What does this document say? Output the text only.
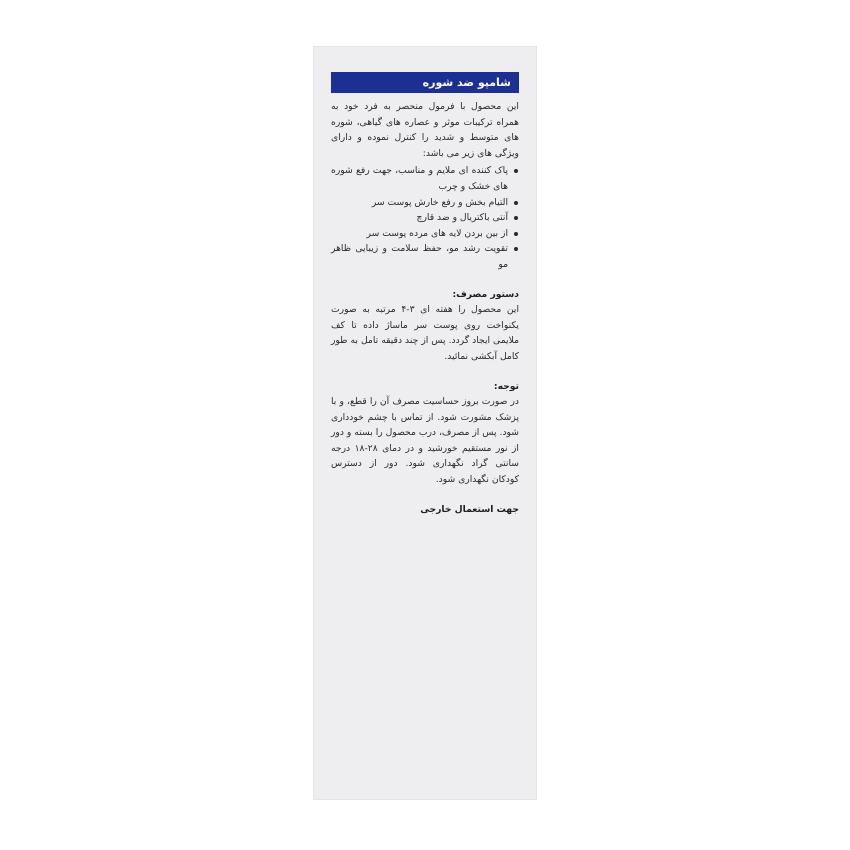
شامپو ضد شوره

این محصول با فرمول منحصر به فرد خود به همراه ترکیبات موثر و عصاره های گیاهی، شوره های متوسط و شدید را کنترل نموده و دارای ویژگی های زیر می باشد:

پاک کننده ای ملایم و مناسب، جهت رفع شوره های خشک و چرب
التیام بخش و رفع خارش پوست سر
آنتی باکتریال و ضد قارچ
از بین بردن لایه های مرده پوست سر
تقویت رشد مو، حفظ سلامت و زیبایی ظاهر مو
دستور مصرف:

این محصول را هفته ای ۳-۴ مرتبه به صورت یکنواخت روی پوست سر ماساژ داده تا کف ملایمی ایجاد گردد. پس از چند دقیقه تامل به طور کامل آبکشی نمائید.

توجه:

در صورت بروز حساسیت مصرف آن را قطع، و با پزشک مشورت شود. از تماس با چشم خودداری شود. پس از مصرف، درب محصول را بسته و دور از نور مستقیم خورشید و در دمای ۲۸-۱۸ درجه سانتی گراد نگهداری شود. دور از دسترس کودکان نگهداری شود.

جهت استعمال خارجی
